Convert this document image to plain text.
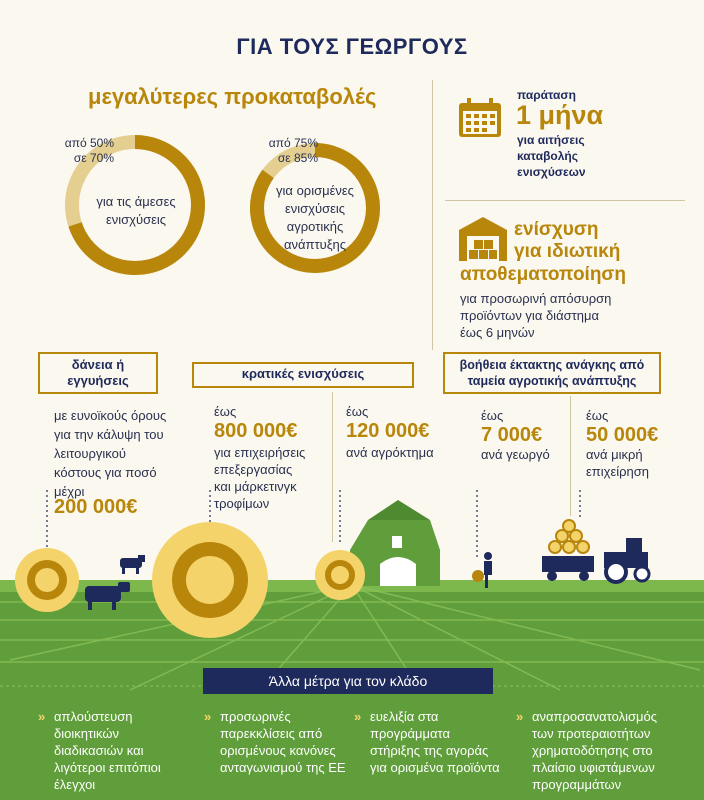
ΓΙΑ ΤΟΥΣ ΓΕΩΡΓΟΥΣ
μεγαλύτερες προκαταβολές
από 50%
σε 70%
για τις άμεσες
ενισχύσεις
από 75%
σε 85%
για ορισμένες
ενισχύσεις
αγροτικής
ανάπτυξης
παράταση
1 μήνα
για αιτήσεις
καταβολής
ενισχύσεων
ενίσχυση
για ιδιωτική
αποθεματοποίηση
για προσωρινή απόσυρση
προϊόντων για διάστημα
έως 6 μηνών
δάνεια ή
εγγυήσεις
με ευνοϊκούς όρους
για την κάλυψη του
λειτουργικού
κόστους για ποσό
μέχρι
200 000€
κρατικές ενισχύσεις
έως
800 000€
για επιχειρήσεις
επεξεργασίας
και μάρκετινγκ
τροφίμων
έως
120 000€
ανά αγρόκτημα
βοήθεια έκτακτης ανάγκης από
ταμεία αγροτικής ανάπτυξης
έως
7 000€
ανά γεωργό
έως
50 000€
ανά μικρή
επιχείρηση
Άλλα μέτρα για τον κλάδο
» απλούστευση
διοικητικών
διαδικασιών και
λιγότεροι επιτόπιοι
έλεγχοι
» προσωρινές
παρεκκλίσεις από
ορισμένους κανόνες
ανταγωνισμού της ΕΕ
» ευελιξία στα
προγράμματα
στήριξης της αγοράς
για ορισμένα προϊόντα
» αναπροσανατολισμός
των προτεραιοτήτων
χρηματοδότησης στο
πλαίσιο υφιστάμενων
προγραμμάτων
